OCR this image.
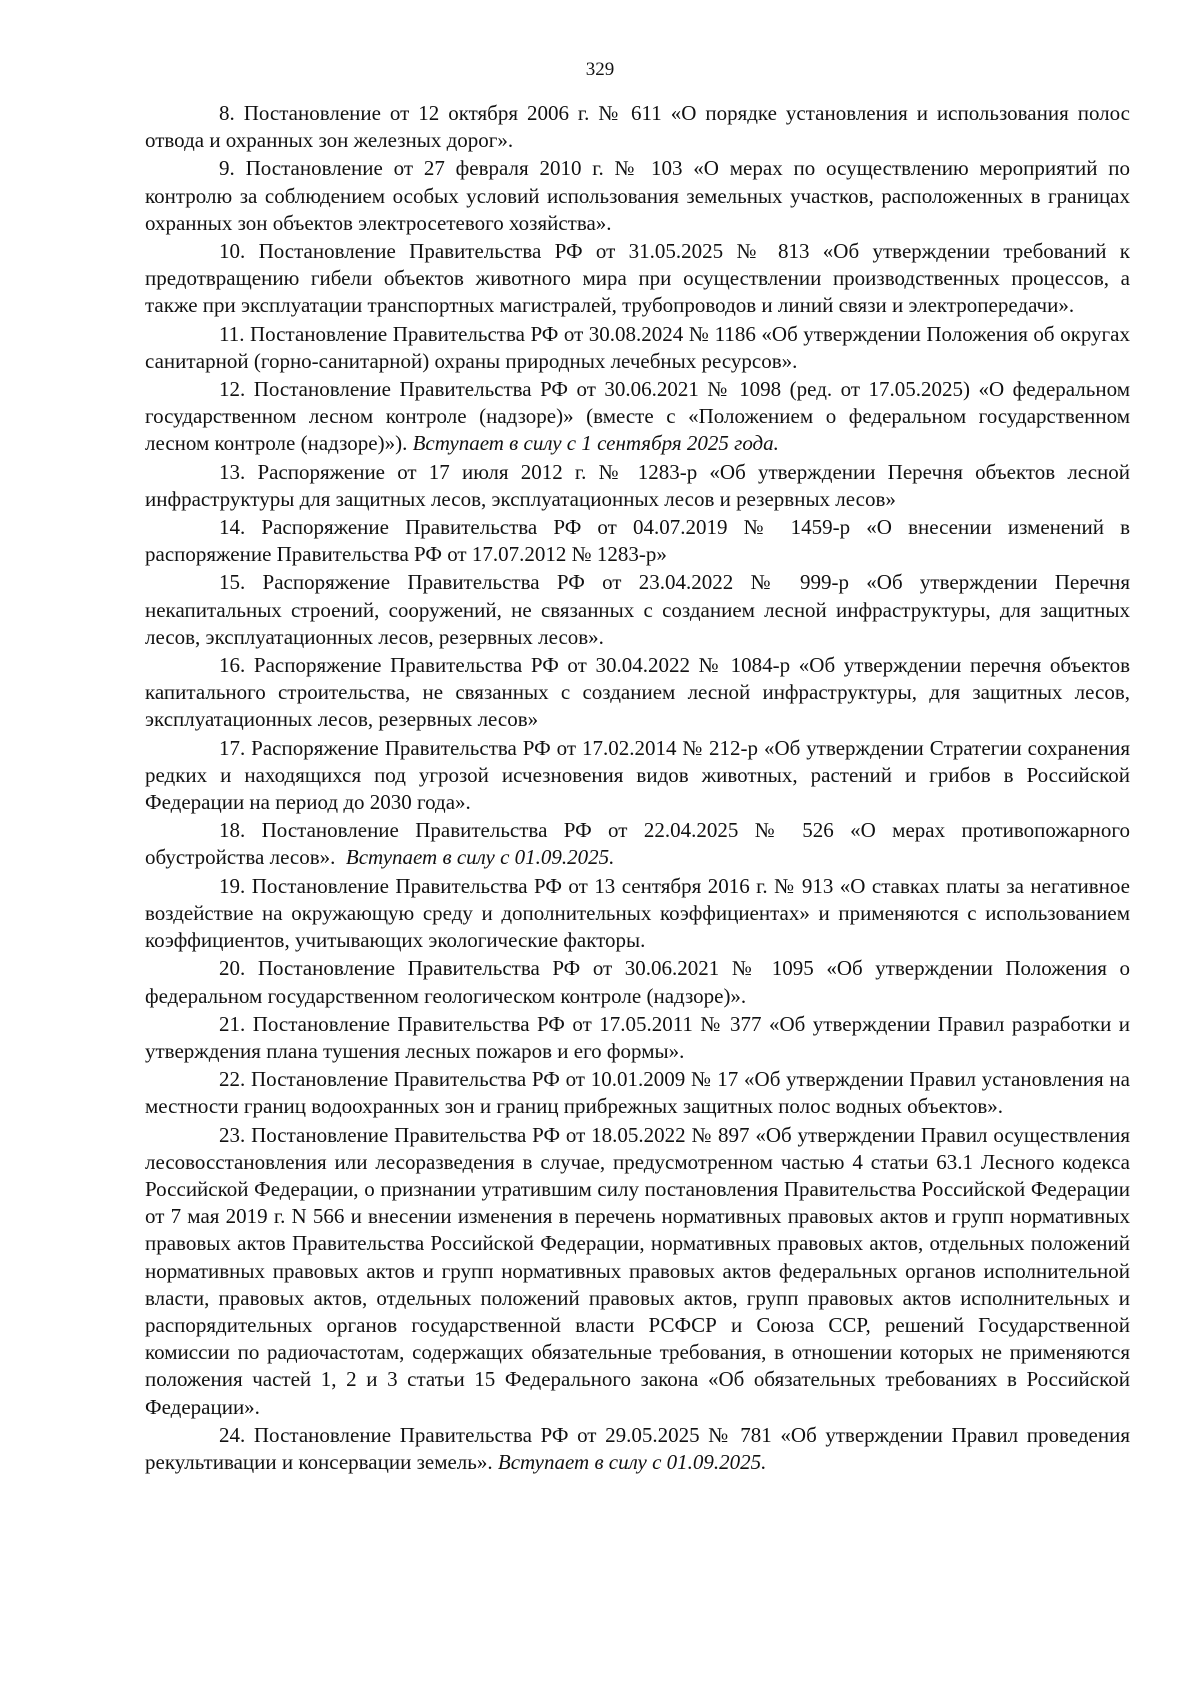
329

8. Постановление от 12 октября 2006 г. № 611 «О порядке установления и использования полос отвода и охранных зон железных дорог».

9. Постановление от 27 февраля 2010 г. № 103 «О мерах по осуществлению мероприятий по контролю за соблюдением особых условий использования земельных участков, расположенных в границах охранных зон объектов электросетевого хозяйства».

10. Постановление Правительства РФ от 31.05.2025 № 813 «Об утверждении требований к предотвращению гибели объектов животного мира при осуществлении производственных процессов, а также при эксплуатации транспортных магистралей, трубопроводов и линий связи и электропередачи».

11. Постановление Правительства РФ от 30.08.2024 № 1186 «Об утверждении Положения об округах санитарной (горно-санитарной) охраны природных лечебных ресурсов».

12. Постановление Правительства РФ от 30.06.2021 № 1098 (ред. от 17.05.2025) «О федеральном государственном лесном контроле (надзоре)» (вместе с «Положением о федеральном государственном лесном контроле (надзоре)»). Вступает в силу с 1 сентября 2025 года.

13. Распоряжение от 17 июля 2012 г. № 1283-р «Об утверждении Перечня объектов лесной инфраструктуры для защитных лесов, эксплуатационных лесов и резервных лесов»

14. Распоряжение Правительства РФ от 04.07.2019 № 1459-р «О внесении изменений в распоряжение Правительства РФ от 17.07.2012 № 1283-р»

15. Распоряжение Правительства РФ от 23.04.2022 № 999-р «Об утверждении Перечня некапитальных строений, сооружений, не связанных с созданием лесной инфраструктуры, для защитных лесов, эксплуатационных лесов, резервных лесов».

16. Распоряжение Правительства РФ от 30.04.2022 № 1084-р «Об утверждении перечня объектов капитального строительства, не связанных с созданием лесной инфраструктуры, для защитных лесов, эксплуатационных лесов, резервных лесов»

17. Распоряжение Правительства РФ от 17.02.2014 № 212-р «Об утверждении Стратегии сохранения редких и находящихся под угрозой исчезновения видов животных, растений и грибов в Российской Федерации на период до 2030 года».

18. Постановление Правительства РФ от 22.04.2025 № 526 «О мерах противопожарного обустройства лесов». Вступает в силу с 01.09.2025.

19. Постановление Правительства РФ от 13 сентября 2016 г. № 913 «О ставках платы за негативное воздействие на окружающую среду и дополнительных коэффициентах» и применяются с использованием коэффициентов, учитывающих экологические факторы.

20. Постановление Правительства РФ от 30.06.2021 № 1095 «Об утверждении Положения о федеральном государственном геологическом контроле (надзоре)».

21. Постановление Правительства РФ от 17.05.2011 № 377 «Об утверждении Правил разработки и утверждения плана тушения лесных пожаров и его формы».

22. Постановление Правительства РФ от 10.01.2009 № 17 «Об утверждении Правил установления на местности границ водоохранных зон и границ прибрежных защитных полос водных объектов».

23. Постановление Правительства РФ от 18.05.2022 № 897 «Об утверждении Правил осуществления лесовосстановления или лесоразведения в случае, предусмотренном частью 4 статьи 63.1 Лесного кодекса Российской Федерации, о признании утратившим силу постановления Правительства Российской Федерации от 7 мая 2019 г. N 566 и внесении изменения в перечень нормативных правовых актов и групп нормативных правовых актов Правительства Российской Федерации, нормативных правовых актов, отдельных положений нормативных правовых актов и групп нормативных правовых актов федеральных органов исполнительной власти, правовых актов, отдельных положений правовых актов, групп правовых актов исполнительных и распорядительных органов государственной власти РСФСР и Союза ССР, решений Государственной комиссии по радиочастотам, содержащих обязательные требования, в отношении которых не применяются положения частей 1, 2 и 3 статьи 15 Федерального закона «Об обязательных требованиях в Российской Федерации».

24. Постановление Правительства РФ от 29.05.2025 № 781 «Об утверждении Правил проведения рекультивации и консервации земель». Вступает в силу с 01.09.2025.
